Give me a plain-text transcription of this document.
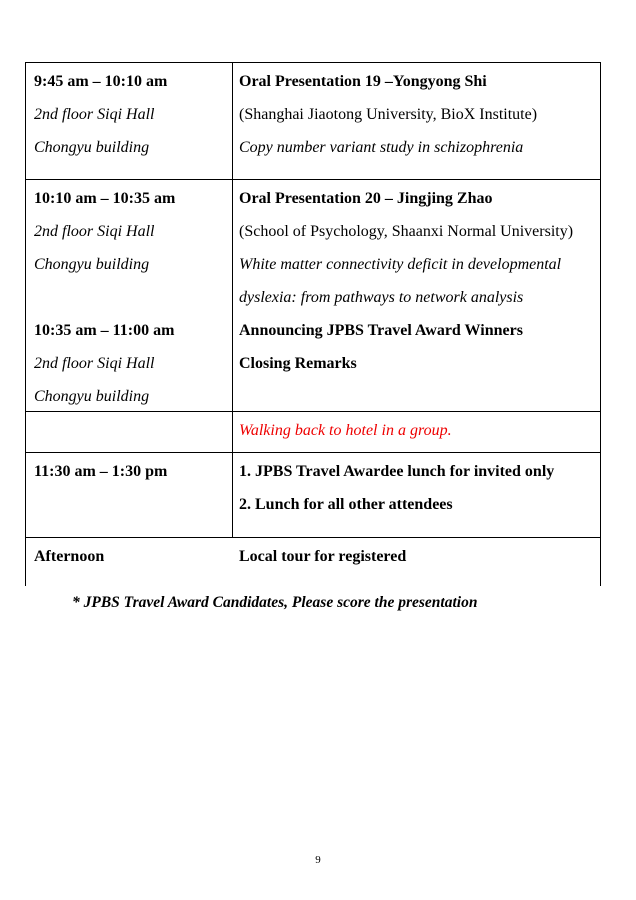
9:45 am – 10:10 am

2nd floor Siqi Hall

Chongyu building

Oral Presentation 19 –Yongyong Shi

(Shanghai Jiaotong University, BioX Institute)

Copy number variant study in schizophrenia

10:10 am – 10:35 am

2nd floor Siqi Hall

Chongyu building

10:35 am – 11:00 am

2nd floor Siqi Hall

Chongyu building

Oral Presentation 20 – Jingjing Zhao

(School of Psychology, Shaanxi Normal University)

White matter connectivity deficit in developmental

dyslexia: from pathways to network analysis

Announcing JPBS Travel Award Winners

Closing Remarks

Walking back to hotel in a group.

11:30 am – 1:30 pm	1. JPBS Travel Awardee lunch for invited only

2. Lunch for all other attendees

Afternoon	Local tour for registered

* JPBS Travel Award Candidates, Please score the presentation

9
